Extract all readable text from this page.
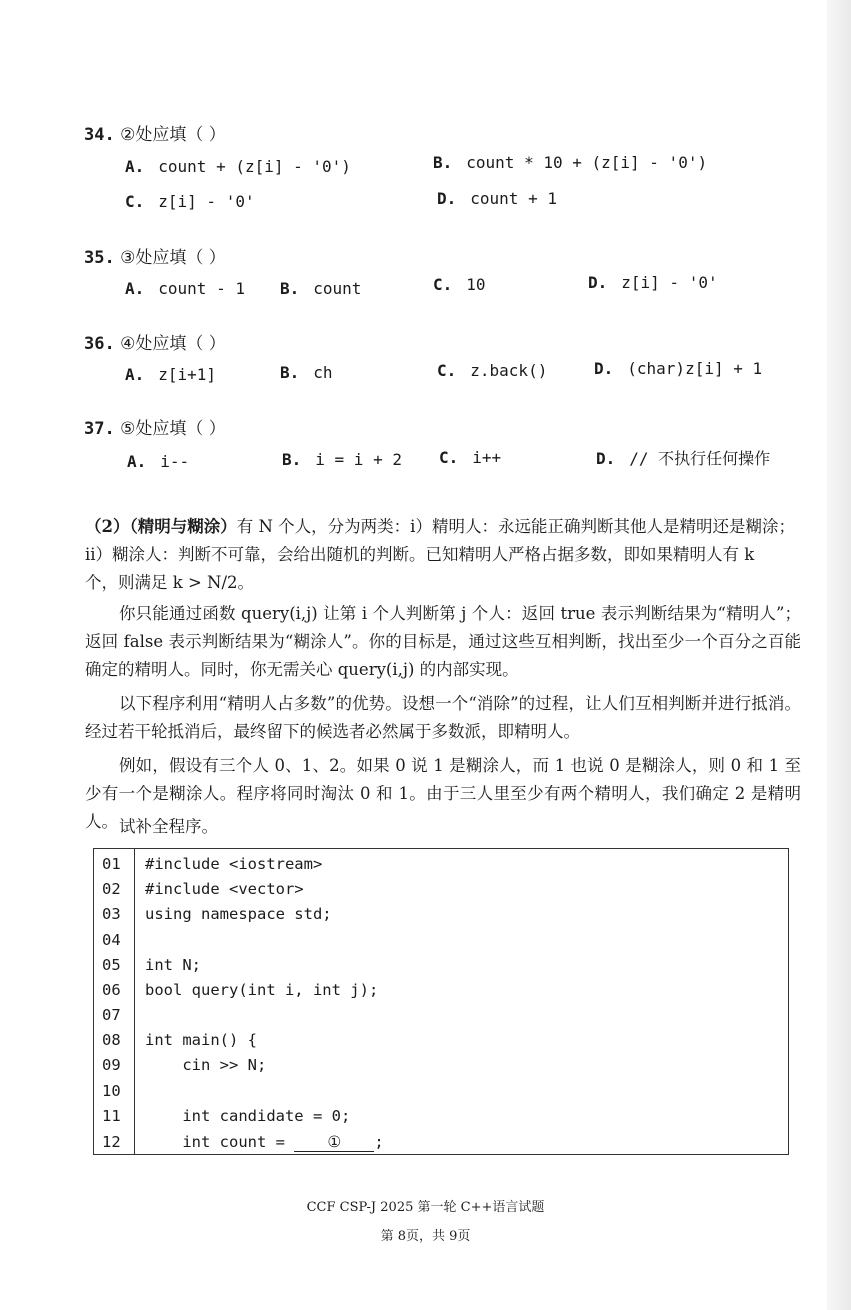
34. ②处应填（ ）
A. count + (z[i] - '0')	B. count * 10 + (z[i] - '0')
C. z[i] - '0'	D. count + 1
35. ③处应填（ ）
A. count - 1 B. count	C. 10	D. z[i] - '0'
36. ④处应填（ ）
A. z[i+1]	B. ch	C. z.back()	D. (char)z[i] + 1
37. ⑤处应填（ ）
A. i--	B. i = i + 2 C. i++	D. // 不执行任何操作
（2）（精明与糊涂）有 N 个人，分为两类：i）精明人：永远能正确判断其他人是精明还是糊涂；
ii）糊涂人：判断不可靠，会给出随机的判断。已知精明人严格占据多数，即如果精明人有 k
个，则满足 k > N/2。
你只能通过函数 query(i,j) 让第 i 个人判断第 j 个人：返回 true 表示判断结果为“精明人”；返回 false 表示判断结果为“糊涂人”。你的目标是，通过这些互相判断，找出至少一个百分之百能确定的精明人。同时，你无需关心 query(i,j) 的内部实现。
以下程序利用“精明人占多数”的优势。设想一个“消除”的过程，让人们互相判断并进行抵消。经过若干轮抵消后，最终留下的候选者必然属于多数派，即精明人。
例如，假设有三个人 0、1、2。如果 0 说 1 是糊涂人，而 1 也说 0 是糊涂人，则 0 和 1 至少有一个是糊涂人。程序将同时淘汰 0 和 1。由于三人里至少有两个精明人，我们确定 2 是精明人。 试补全程序。
01 #include <iostream>
02 #include <vector>
03 using namespace std;
04
05 int N;
06 bool query(int i, int j);
07
08 int main() {
09 cin >> N;
10
11 int candidate = 0;
12 int count = ① ;
CCF CSP-J 2025 第一轮 C++语言试题
第 8页，共 9页
